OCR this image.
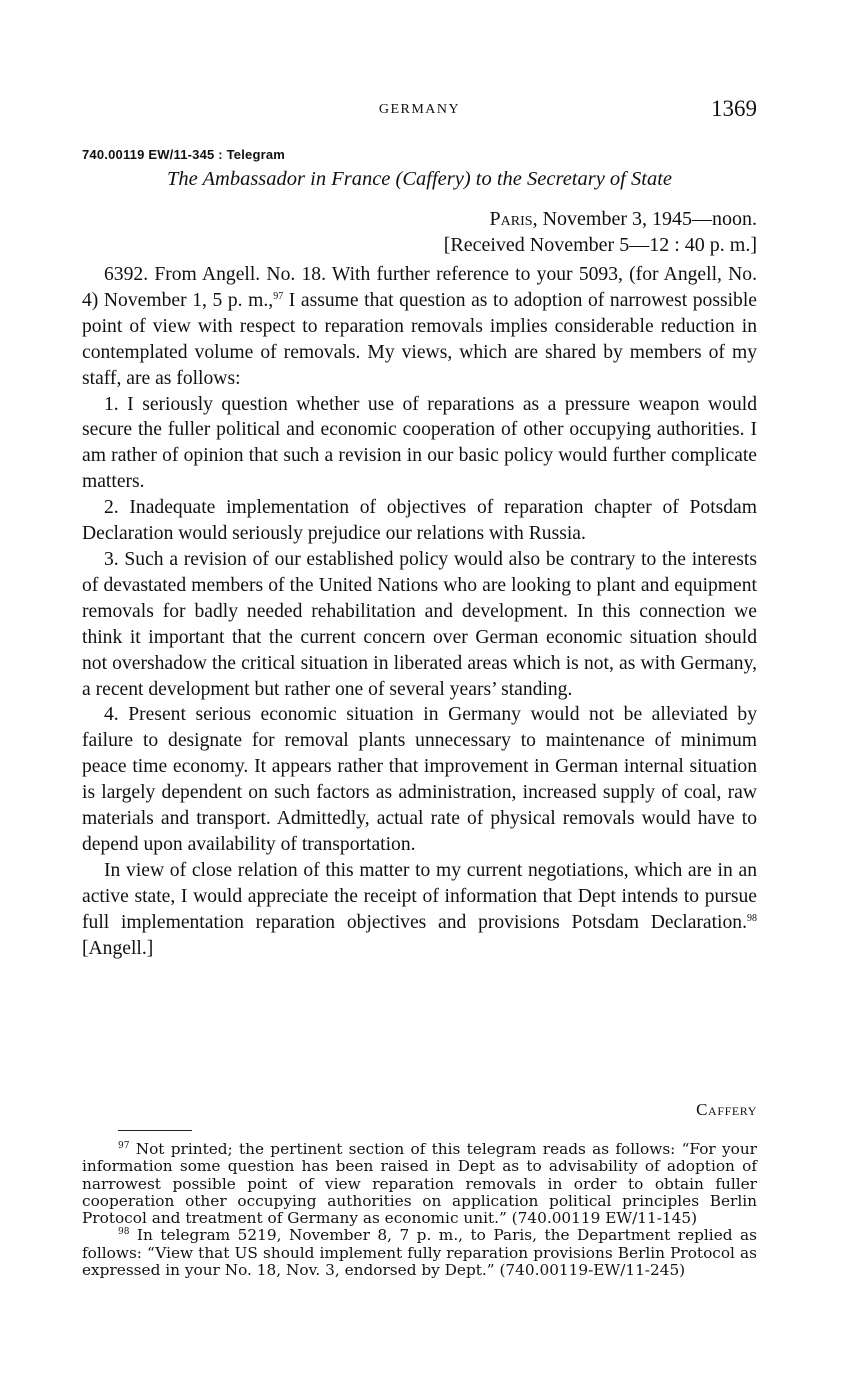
GERMANY	1369
740.00119 EW/11-345 : Telegram
The Ambassador in France (Caffery) to the Secretary of State
Paris, November 3, 1945—noon.
[Received November 5—12 : 40 p. m.]

6392. From Angell. No. 18. With further reference to your 5093, (for Angell, No. 4) November 1, 5 p. m.,$^{97}$ I assume that question as to adoption of narrowest possible point of view with respect to reparation removals implies considerable reduction in contemplated volume of removals. My views, which are shared by members of my staff, are as follows:

1. I seriously question whether use of reparations as a pressure weapon would secure the fuller political and economic cooperation of other occupying authorities. I am rather of opinion that such a revision in our basic policy would further complicate matters.

2. Inadequate implementation of objectives of reparation chapter of Potsdam Declaration would seriously prejudice our relations with Russia.

3. Such a revision of our established policy would also be contrary to the interests of devastated members of the United Nations who are looking to plant and equipment removals for badly needed rehabilitation and development. In this connection we think it important that the current concern over German economic situation should not overshadow the critical situation in liberated areas which is not, as with Germany, a recent development but rather one of several years’ standing.

4. Present serious economic situation in Germany would not be alleviated by failure to designate for removal plants unnecessary to maintenance of minimum peace time economy. It appears rather that improvement in German internal situation is largely dependent on such factors as administration, increased supply of coal, raw materials and transport. Admittedly, actual rate of physical removals would have to depend upon availability of transportation.

In view of close relation of this matter to my current negotiations, which are in an active state, I would appreciate the receipt of information that Dept intends to pursue full implementation reparation objectives and provisions Potsdam Declaration.$^{98}$ [Angell.]

Caffery

$^{97}$ Not printed; the pertinent section of this telegram reads as follows: “For your information some question has been raised in Dept as to advisability of adoption of narrowest possible point of view reparation removals in order to obtain fuller cooperation other occupying authorities on application political principles Berlin Protocol and treatment of Germany as economic unit.” (740.00119 EW/11-145)

$^{98}$ In telegram 5219, November 8, 7 p. m., to Paris, the Department replied as follows: “View that US should implement fully reparation provisions Berlin Protocol as expressed in your No. 18, Nov. 3, endorsed by Dept.” (740.00119-EW/11-245)
